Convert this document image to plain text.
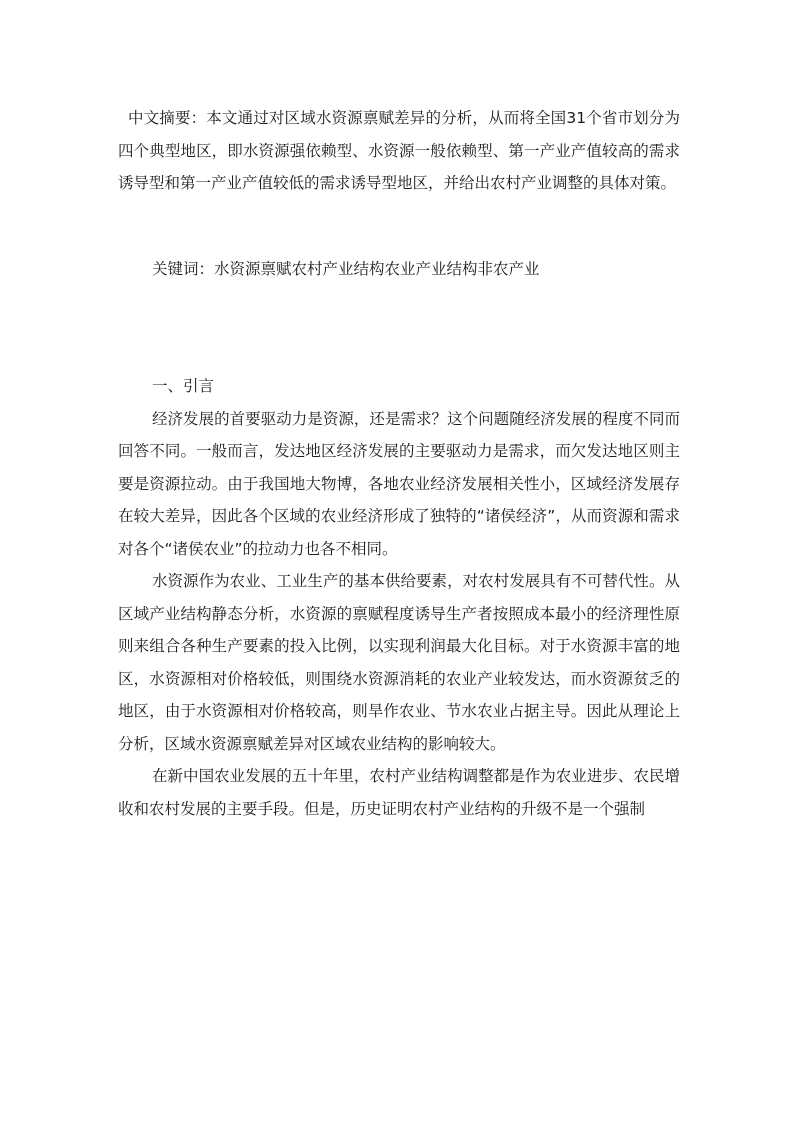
中文摘要：本文通过对区域水资源禀赋差异的分析，从而将全国31个省市划分为四个典型地区，即水资源强依赖型、水资源一般依赖型、第一产业产值较高的需求诱导型和第一产业产值较低的需求诱导型地区，并给出农村产业调整的具体对策。

关键词：水资源禀赋农村产业结构农业产业结构非农产业

一、引言

经济发展的首要驱动力是资源，还是需求？这个问题随经济发展的程度不同而回答不同。一般而言，发达地区经济发展的主要驱动力是需求，而欠发达地区则主要是资源拉动。由于我国地大物博，各地农业经济发展相关性小，区域经济发展存在较大差异，因此各个区域的农业经济形成了独特的“诸侯经济”，从而资源和需求对各个“诸侯农业”的拉动力也各不相同。

水资源作为农业、工业生产的基本供给要素，对农村发展具有不可替代性。从区域产业结构静态分析，水资源的禀赋程度诱导生产者按照成本最小的经济理性原则来组合各种生产要素的投入比例，以实现利润最大化目标。对于水资源丰富的地区，水资源相对价格较低，则围绕水资源消耗的农业产业较发达，而水资源贫乏的地区，由于水资源相对价格较高，则旱作农业、节水农业占据主导。因此从理论上分析，区域水资源禀赋差异对区域农业结构的影响较大。

在新中国农业发展的五十年里，农村产业结构调整都是作为农业进步、农民增收和农村发展的主要手段。但是，历史证明农村产业结构的升级不是一个强制
